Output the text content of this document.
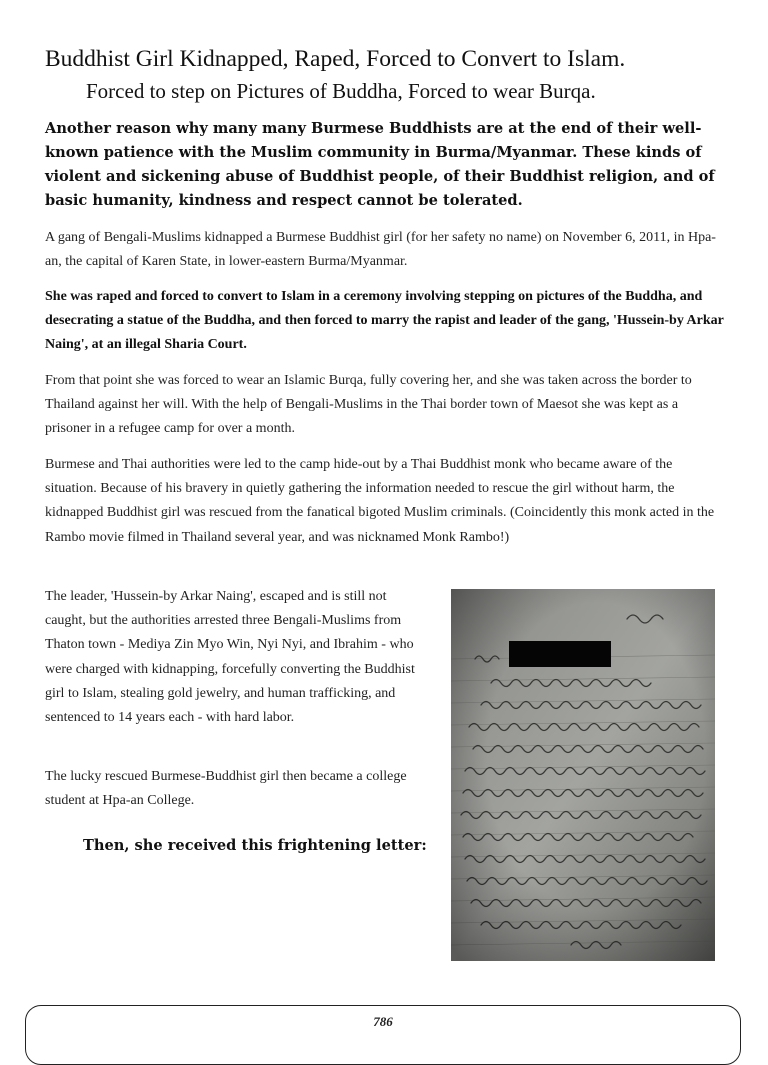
Buddhist Girl Kidnapped, Raped, Forced to Convert to Islam.
Forced to step on Pictures of Buddha, Forced to wear Burqa.

Another reason why many many Burmese Buddhists are at the end of their well-known patience with the Muslim community in Burma/Myanmar. These kinds of violent and sickening abuse of Buddhist people, of their Buddhist religion, and of basic humanity, kindness and respect cannot be tolerated.

A gang of Bengali-Muslims kidnapped a Burmese Buddhist girl (for her safety no name) on November 6, 2011, in Hpa-an, the capital of Karen State, in lower-eastern Burma/Myanmar.

She was raped and forced to convert to Islam in a ceremony involving stepping on pictures of the Buddha, and desecrating a statue of the Buddha, and then forced to marry the rapist and leader of the gang, 'Hussein-by Arkar Naing', at an illegal Sharia Court.

From that point she was forced to wear an Islamic Burqa, fully covering her, and she was taken across the border to Thailand against her will. With the help of Bengali-Muslims in the Thai border town of Maesot she was kept as a prisoner in a refugee camp for over a month.

Burmese and Thai authorities were led to the camp hide-out by a Thai Buddhist monk who became aware of the situation. Because of his bravery in quietly gathering the information needed to rescue the girl without harm, the kidnapped Buddhist girl was rescued from the fanatical bigoted Muslim criminals. (Coincidently this monk acted in the Rambo movie filmed in Thailand several year, and was nicknamed Monk Rambo!)

The leader, 'Hussein-by Arkar Naing', escaped and is still not caught, but the authorities arrested three Bengali-Muslims from Thaton town - Mediya Zin Myo Win, Nyi Nyi, and Ibrahim - who were charged with kidnapping, forcefully converting the Buddhist girl to Islam, stealing gold jewelry, and human trafficking, and sentenced to 14 years each - with hard labor.

The lucky rescued Burmese-Buddhist girl then became a college student at Hpa-an College.

Then, she received this frightening letter:

786
